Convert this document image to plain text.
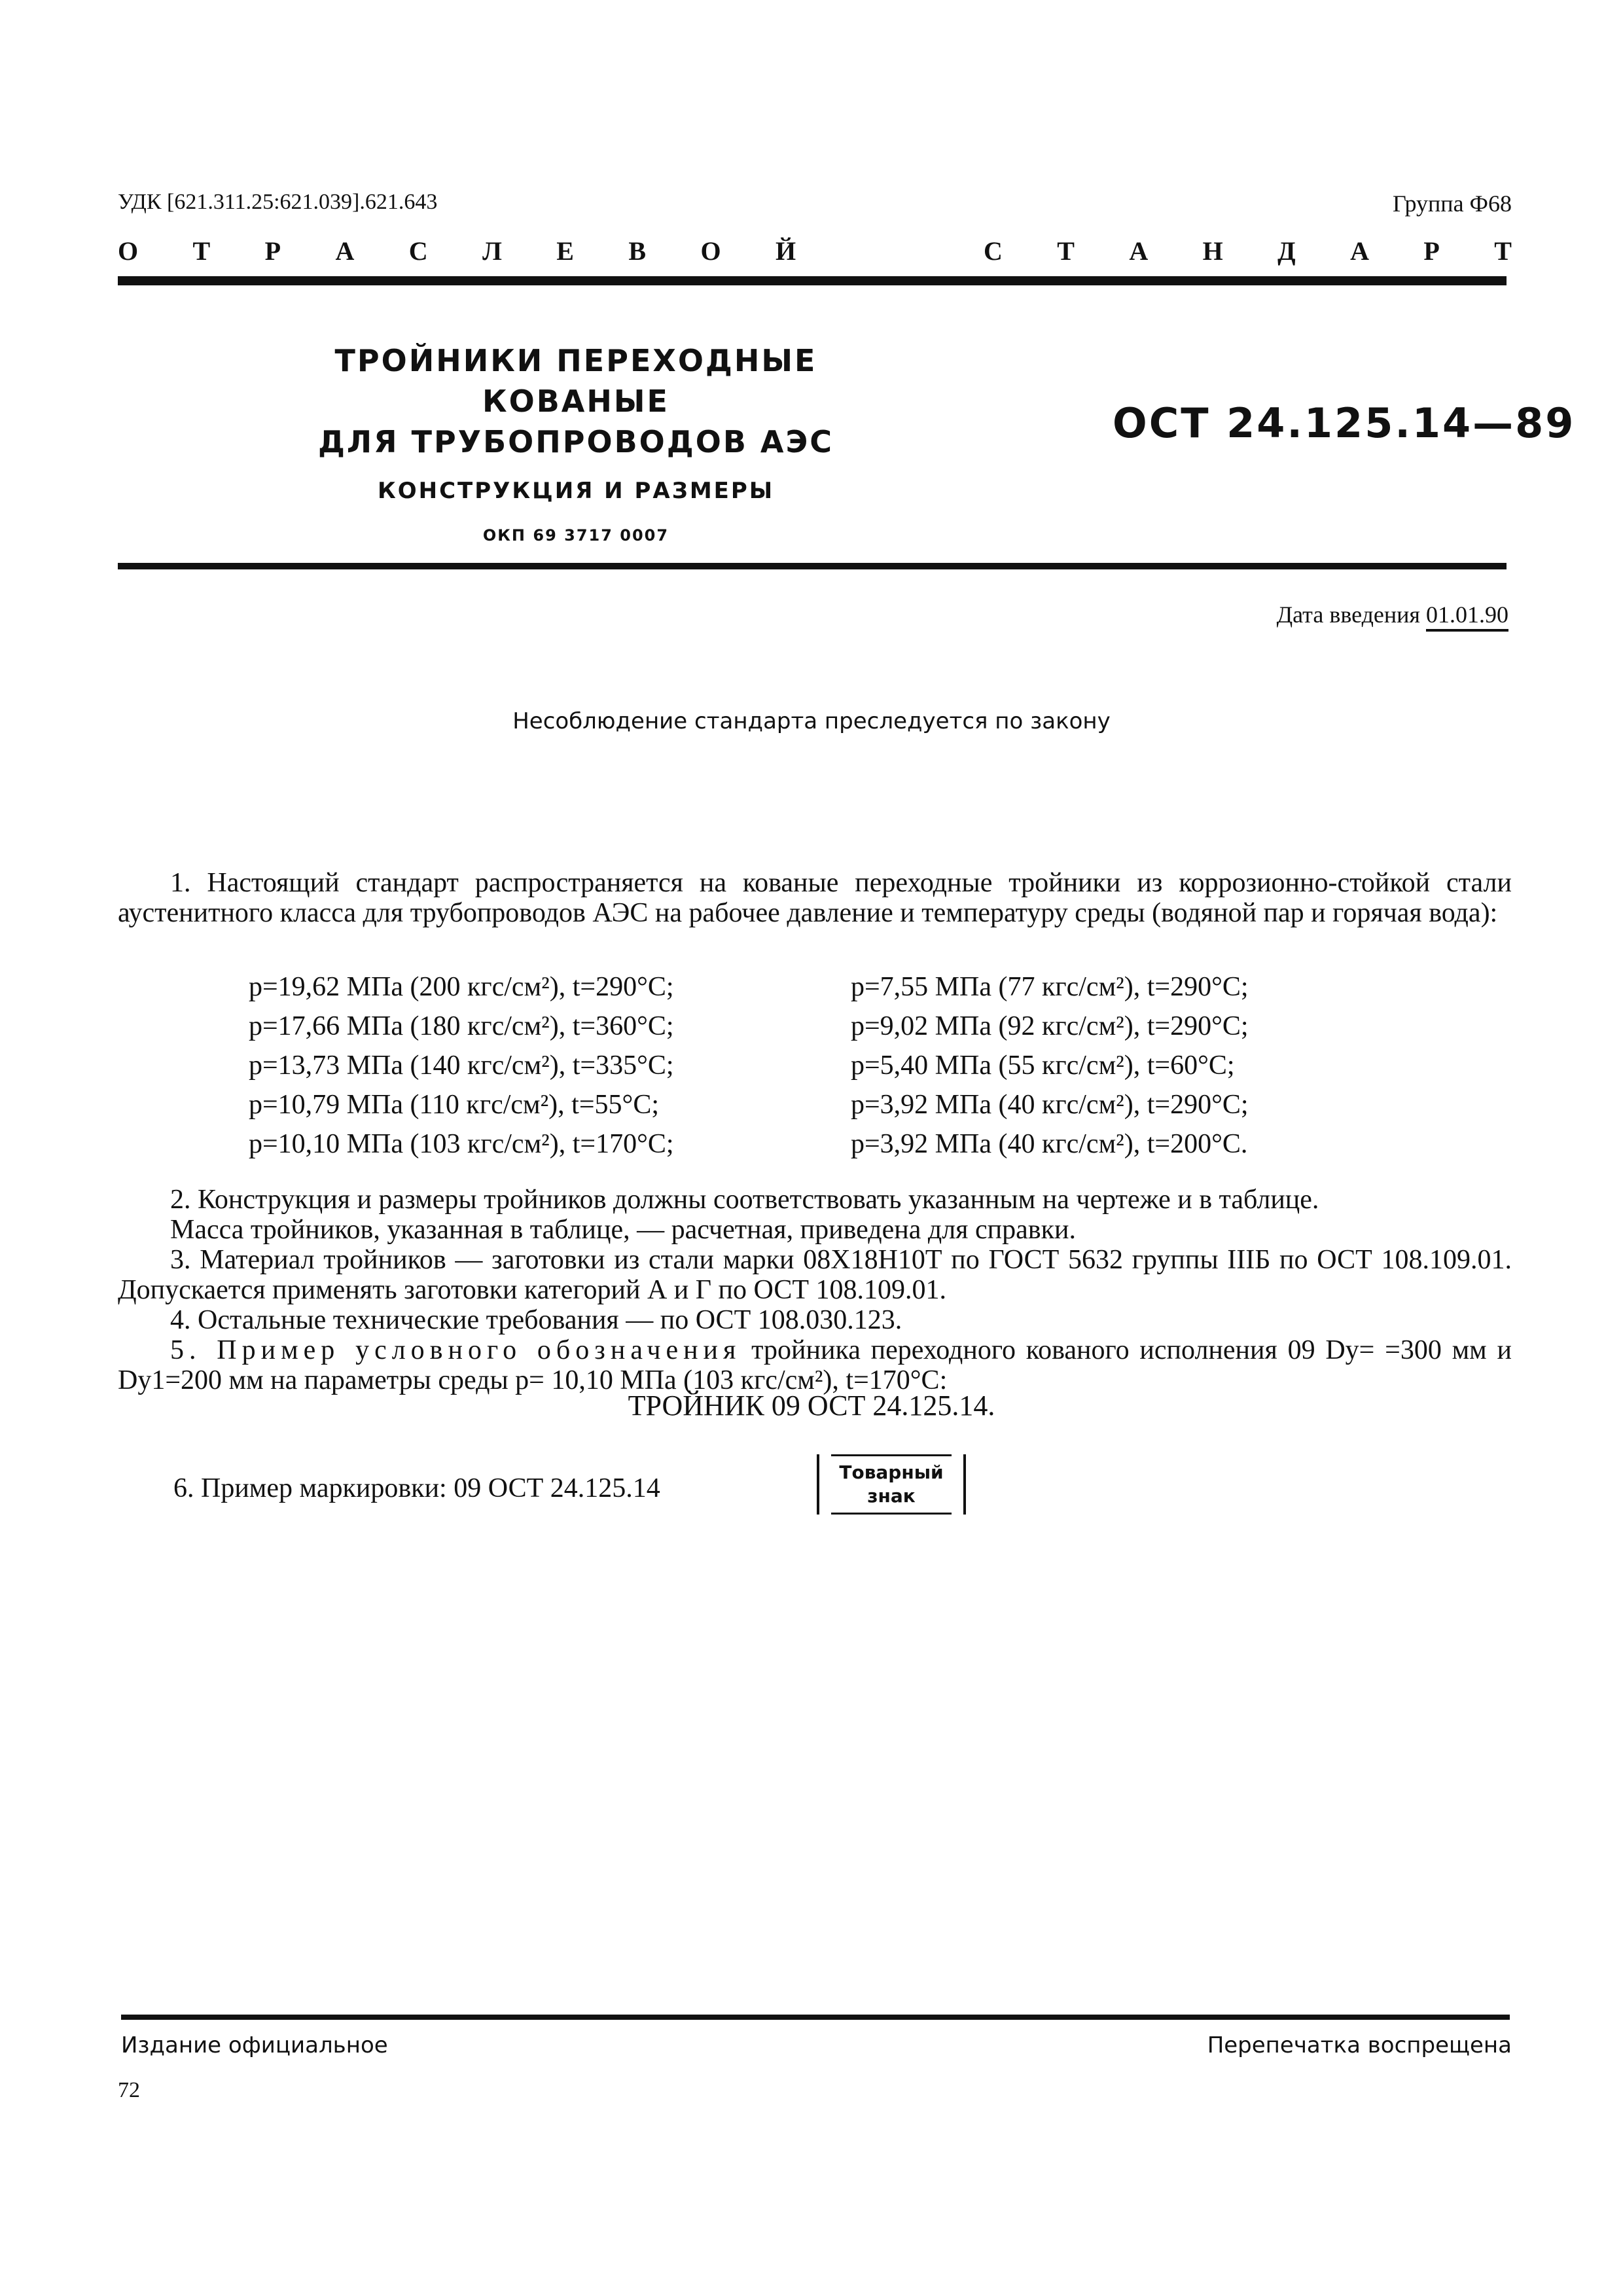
УДК [621.311.25:621.039].621.643	Группа Ф68
О Т Р А С Л Е В О Й	С Т А Н Д А Р Т
ТРОЙНИКИ ПЕРЕХОДНЫЕ КОВАНЫЕ
ДЛЯ ТРУБОПРОВОДОВ АЭС
КОНСТРУКЦИЯ И РАЗМЕРЫ
ОКП 69 3717 0007
ОСТ 24.125.14—89
Дата введения 01.01.90
Несоблюдение стандарта преследуется по закону
1. Настоящий стандарт распространяется на кованые переходные тройники из коррозионно-стойкой стали аустенитного класса для трубопроводов АЭС на рабочее давление и температуру среды (водяной пар и горячая вода):
p=19,62 МПа (200 кгс/см²), t=290°C;	p=7,55 МПа (77 кгс/см²), t=290°C;
p=17,66 МПа (180 кгс/см²), t=360°C;	p=9,02 МПа (92 кгс/см²), t=290°C;
p=13,73 МПа (140 кгс/см²), t=335°C;	p=5,40 МПа (55 кгс/см²), t=60°C;
p=10,79 МПа (110 кгс/см²), t=55°C;	p=3,92 МПа (40 кгс/см²), t=290°C;
p=10,10 МПа (103 кгс/см²), t=170°C;	p=3,92 МПа (40 кгс/см²), t=200°C.
2. Конструкция и размеры тройников должны соответствовать указанным на чертеже и в таблице.
Масса тройников, указанная в таблице, — расчетная, приведена для справки.
3. Материал тройников — заготовки из стали марки 08Х18Н10Т по ГОСТ 5632 группы IIIБ по ОСТ 108.109.01. Допускается применять заготовки категорий А и Г по ОСТ 108.109.01.
4. Остальные технические требования — по ОСТ 108.030.123.
5. Пример условного обозначения тройника переходного кованого исполнения 09 Dу= =300 мм и Dу1=200 мм на параметры среды p= 10,10 МПа (103 кгс/см²), t=170°C:
ТРОЙНИК 09 ОСТ 24.125.14.
6. Пример маркировки: 09 ОСТ 24.125.14
Товарный
знак
Издание официальное	Перепечатка воспрещена
72
